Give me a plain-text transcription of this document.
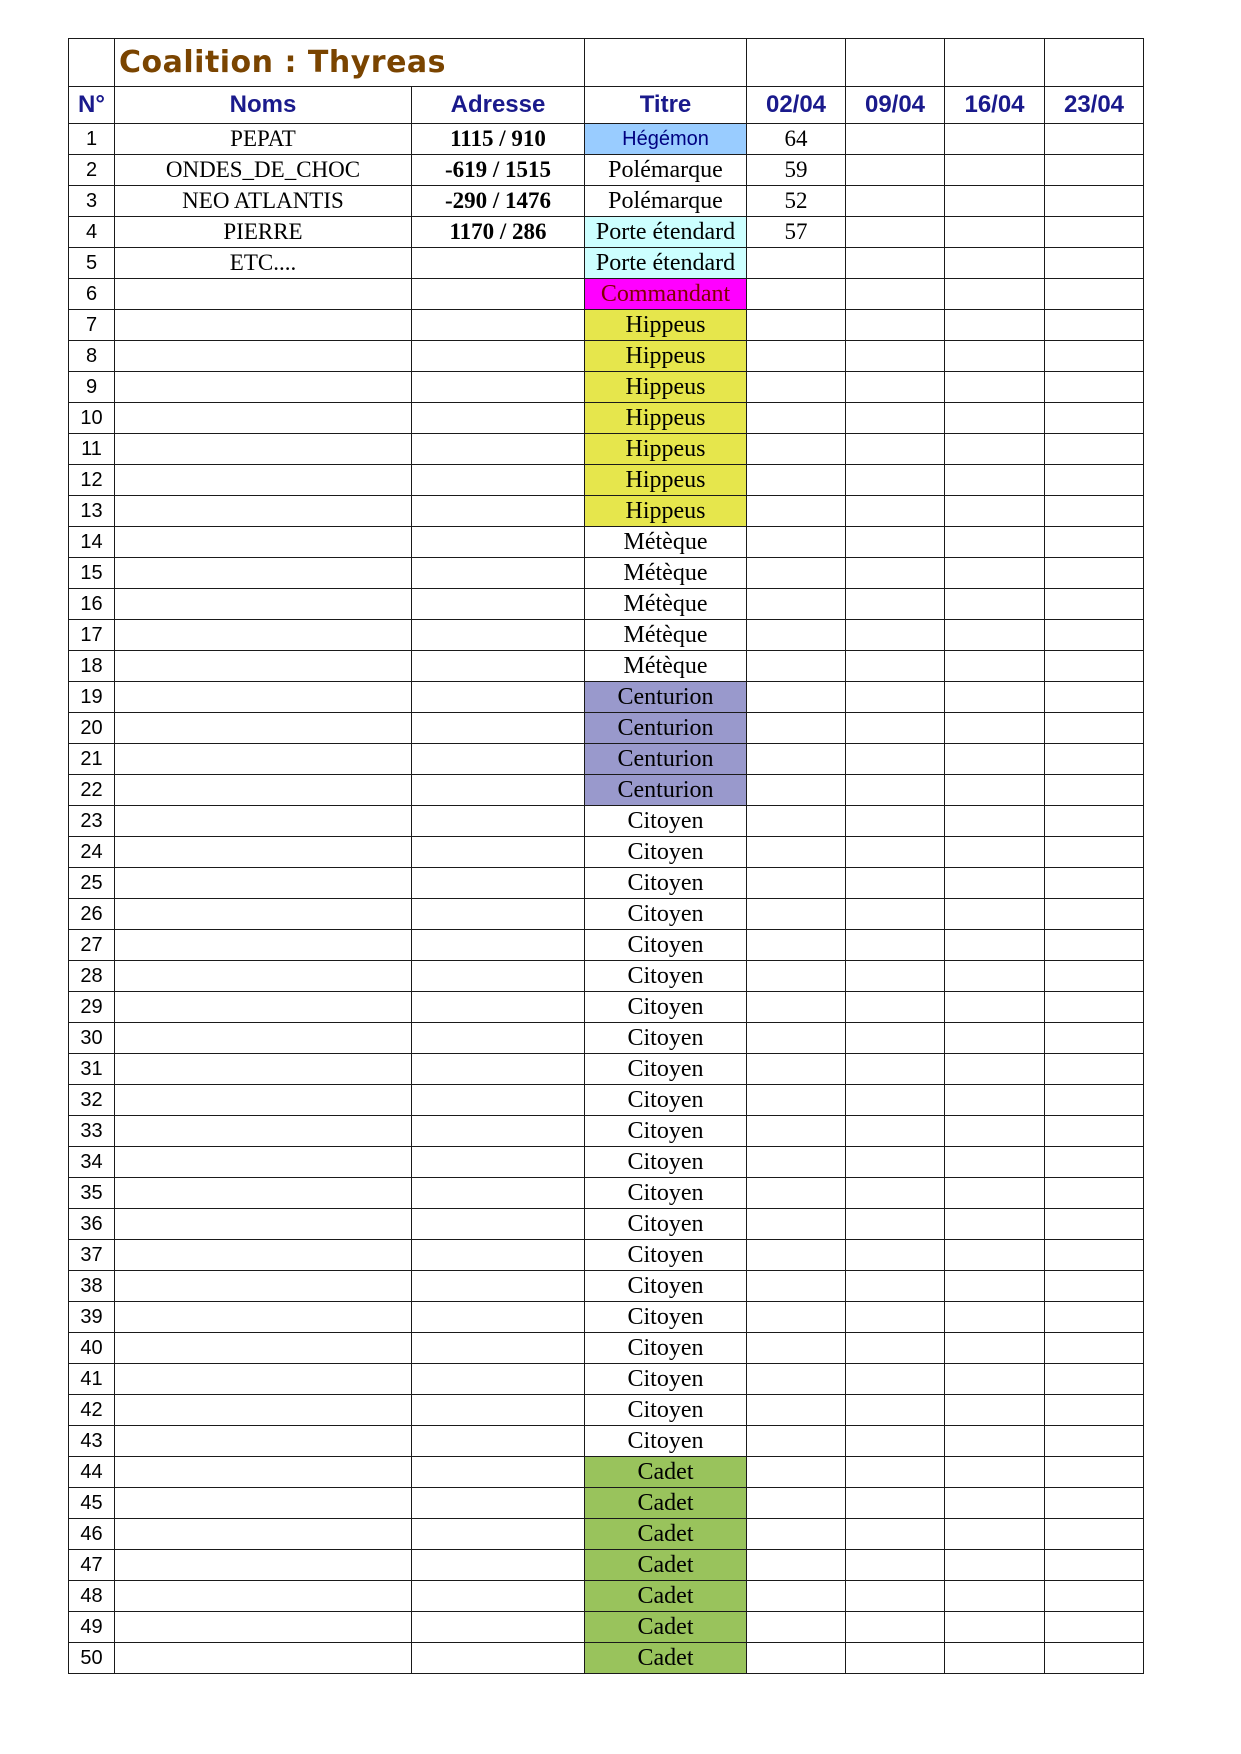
	Coalition : Thyreas						
N°	Noms	Adresse	Titre	02/04	09/04	16/04	23/04
1	PEPAT	1115 / 910	Hégémon	64			
2	ONDES_DE_CHOC	-619 / 1515	Polémarque	59			
3	NEO ATLANTIS	-290 / 1476	Polémarque	52			
4	PIERRE	1170 / 286	Porte étendard	57			
5	ETC....		Porte étendard				
6			Commandant				
7			Hippeus				
8			Hippeus				
9			Hippeus				
10			Hippeus				
11			Hippeus				
12			Hippeus				
13			Hippeus				
14			Métèque				
15			Métèque				
16			Métèque				
17			Métèque				
18			Métèque				
19			Centurion				
20			Centurion				
21			Centurion				
22			Centurion				
23			Citoyen				
24			Citoyen				
25			Citoyen				
26			Citoyen				
27			Citoyen				
28			Citoyen				
29			Citoyen				
30			Citoyen				
31			Citoyen				
32			Citoyen				
33			Citoyen				
34			Citoyen				
35			Citoyen				
36			Citoyen				
37			Citoyen				
38			Citoyen				
39			Citoyen				
40			Citoyen				
41			Citoyen				
42			Citoyen				
43			Citoyen				
44			Cadet				
45			Cadet				
46			Cadet				
47			Cadet				
48			Cadet				
49			Cadet				
50			Cadet				
